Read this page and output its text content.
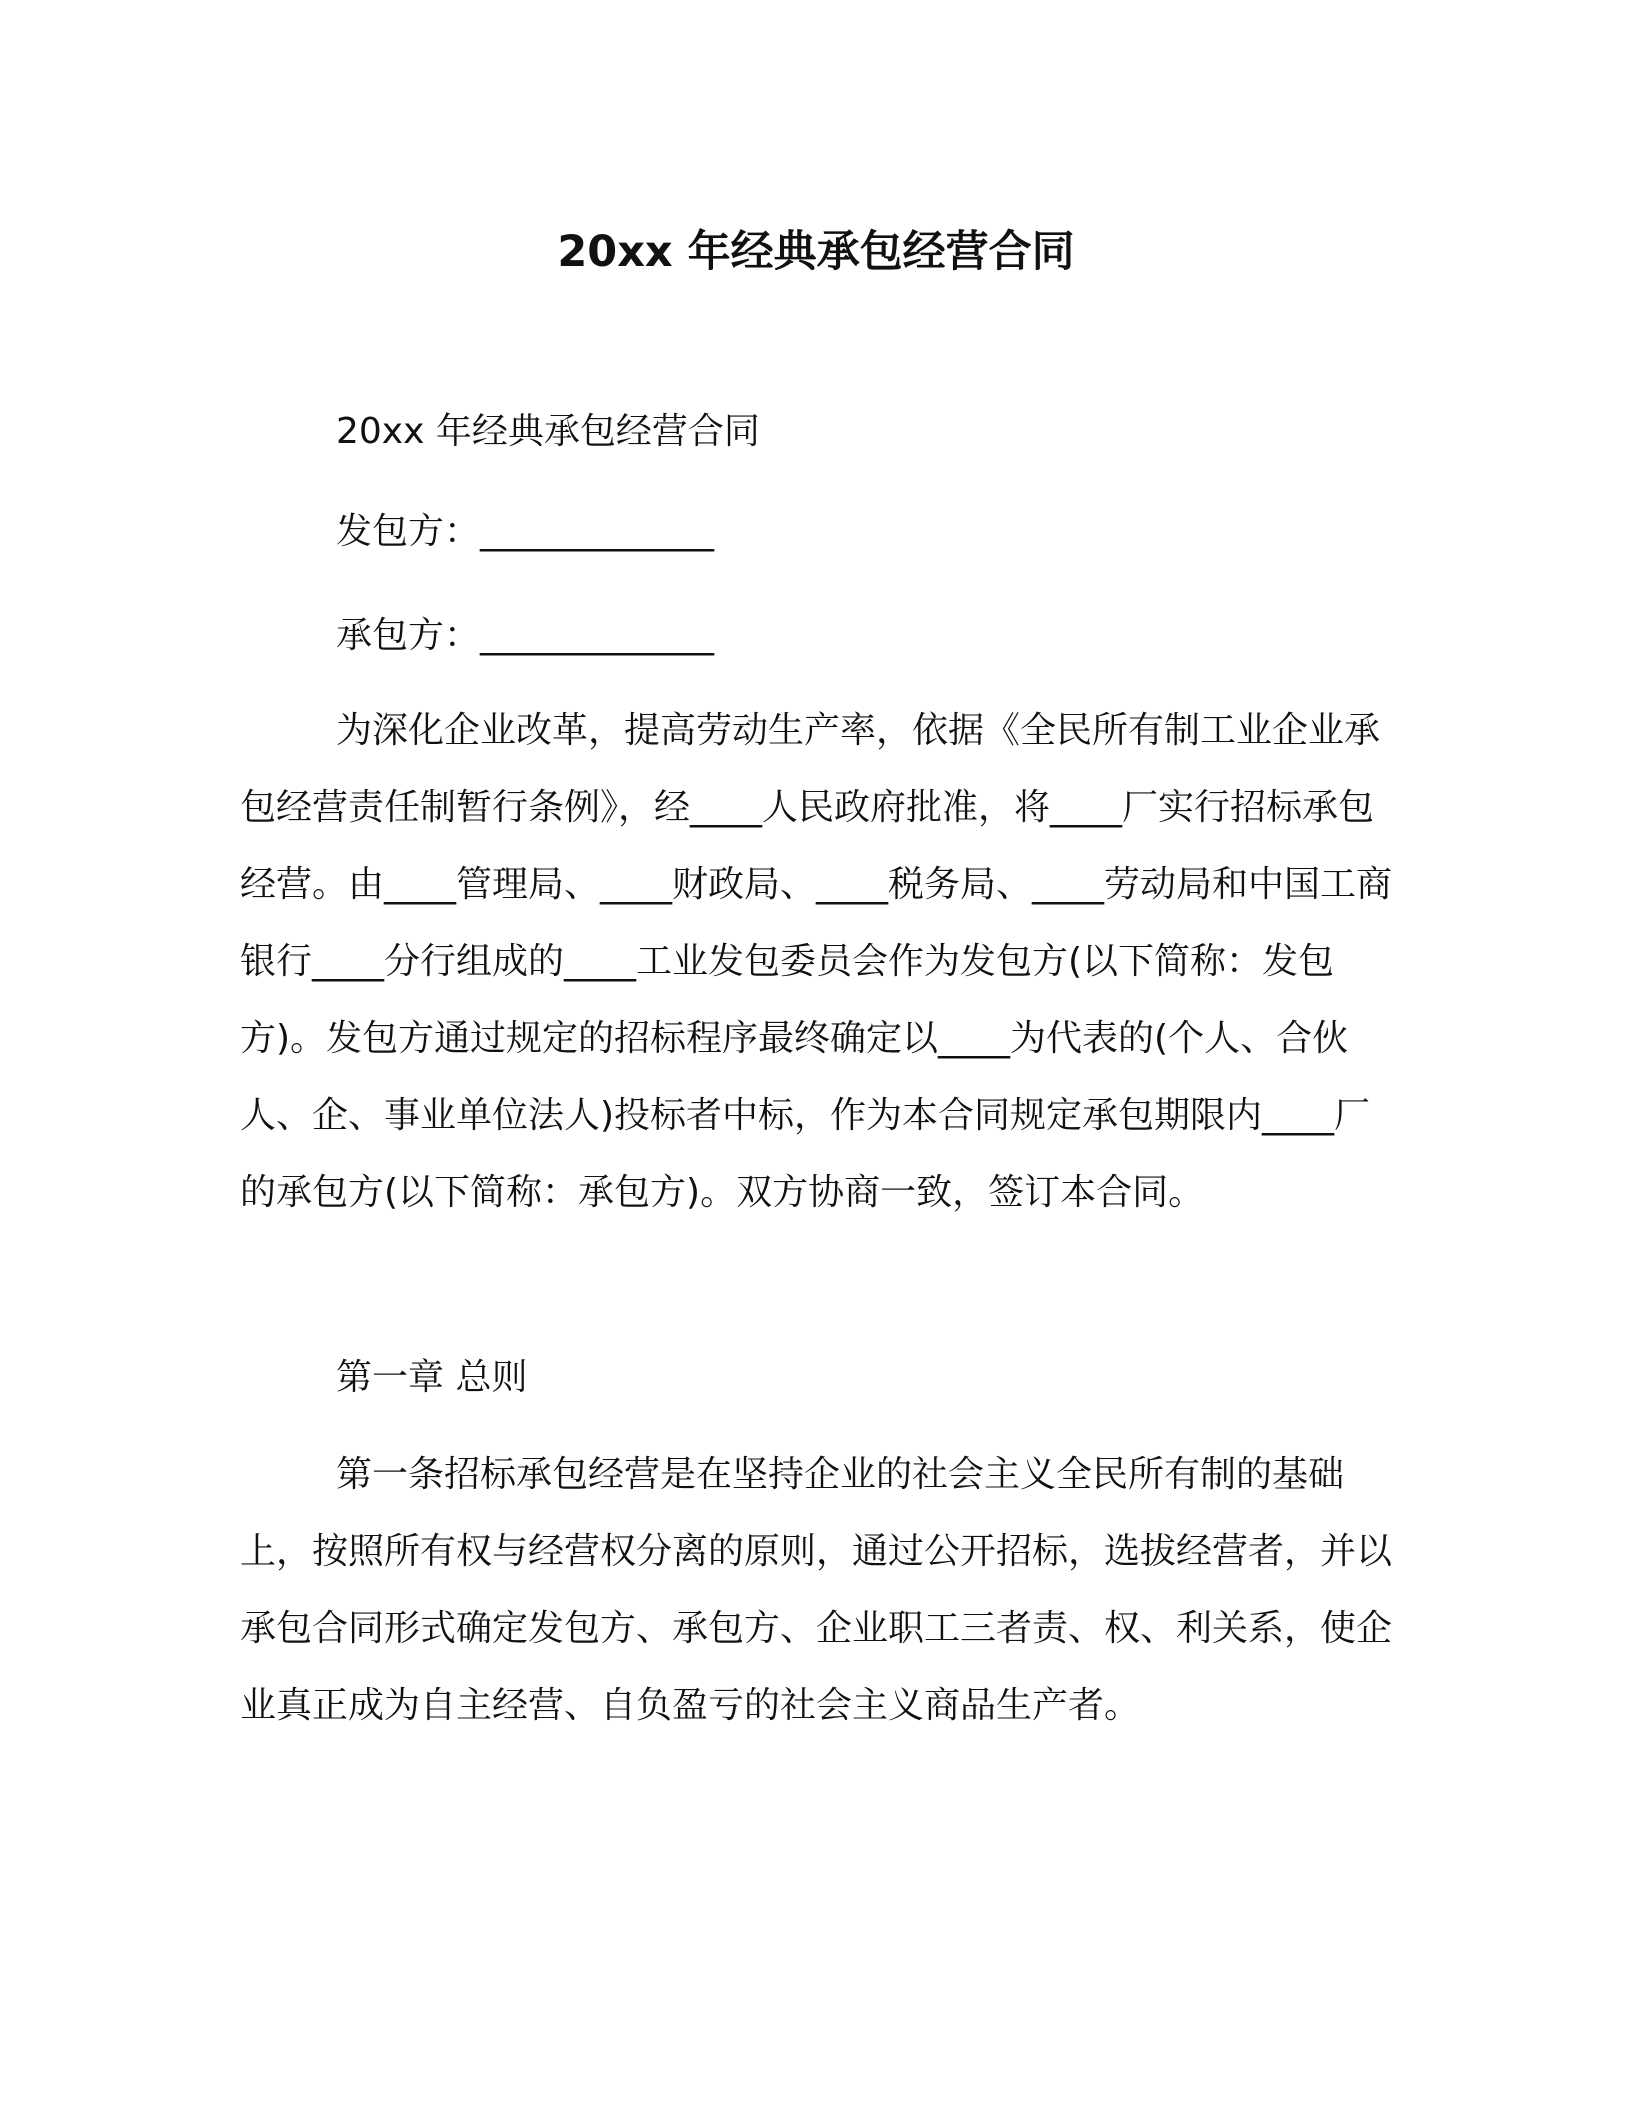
20xx 年经典承包经营合同

20xx 年经典承包经营合同

发包方：_____________

承包方：_____________

为深化企业改革，提高劳动生产率，依据《全民所有制工业企业承包经营责任制暂行条例》，经____人民政府批准，将____厂实行招标承包经营。由____管理局、____财政局、____税务局、____劳动局和中国工商银行____分行组成的____工业发包委员会作为发包方(以下简称：发包方)。发包方通过规定的招标程序最终确定以____为代表的(个人、合伙人、企、事业单位法人)投标者中标，作为本合同规定承包期限内____厂的承包方(以下简称：承包方)。双方协商一致，签订本合同。

第一章 总则

第一条招标承包经营是在坚持企业的社会主义全民所有制的基础上，按照所有权与经营权分离的原则，通过公开招标，选拔经营者，并以承包合同形式确定发包方、承包方、企业职工三者责、权、利关系，使企业真正成为自主经营、自负盈亏的社会主义商品生产者。
